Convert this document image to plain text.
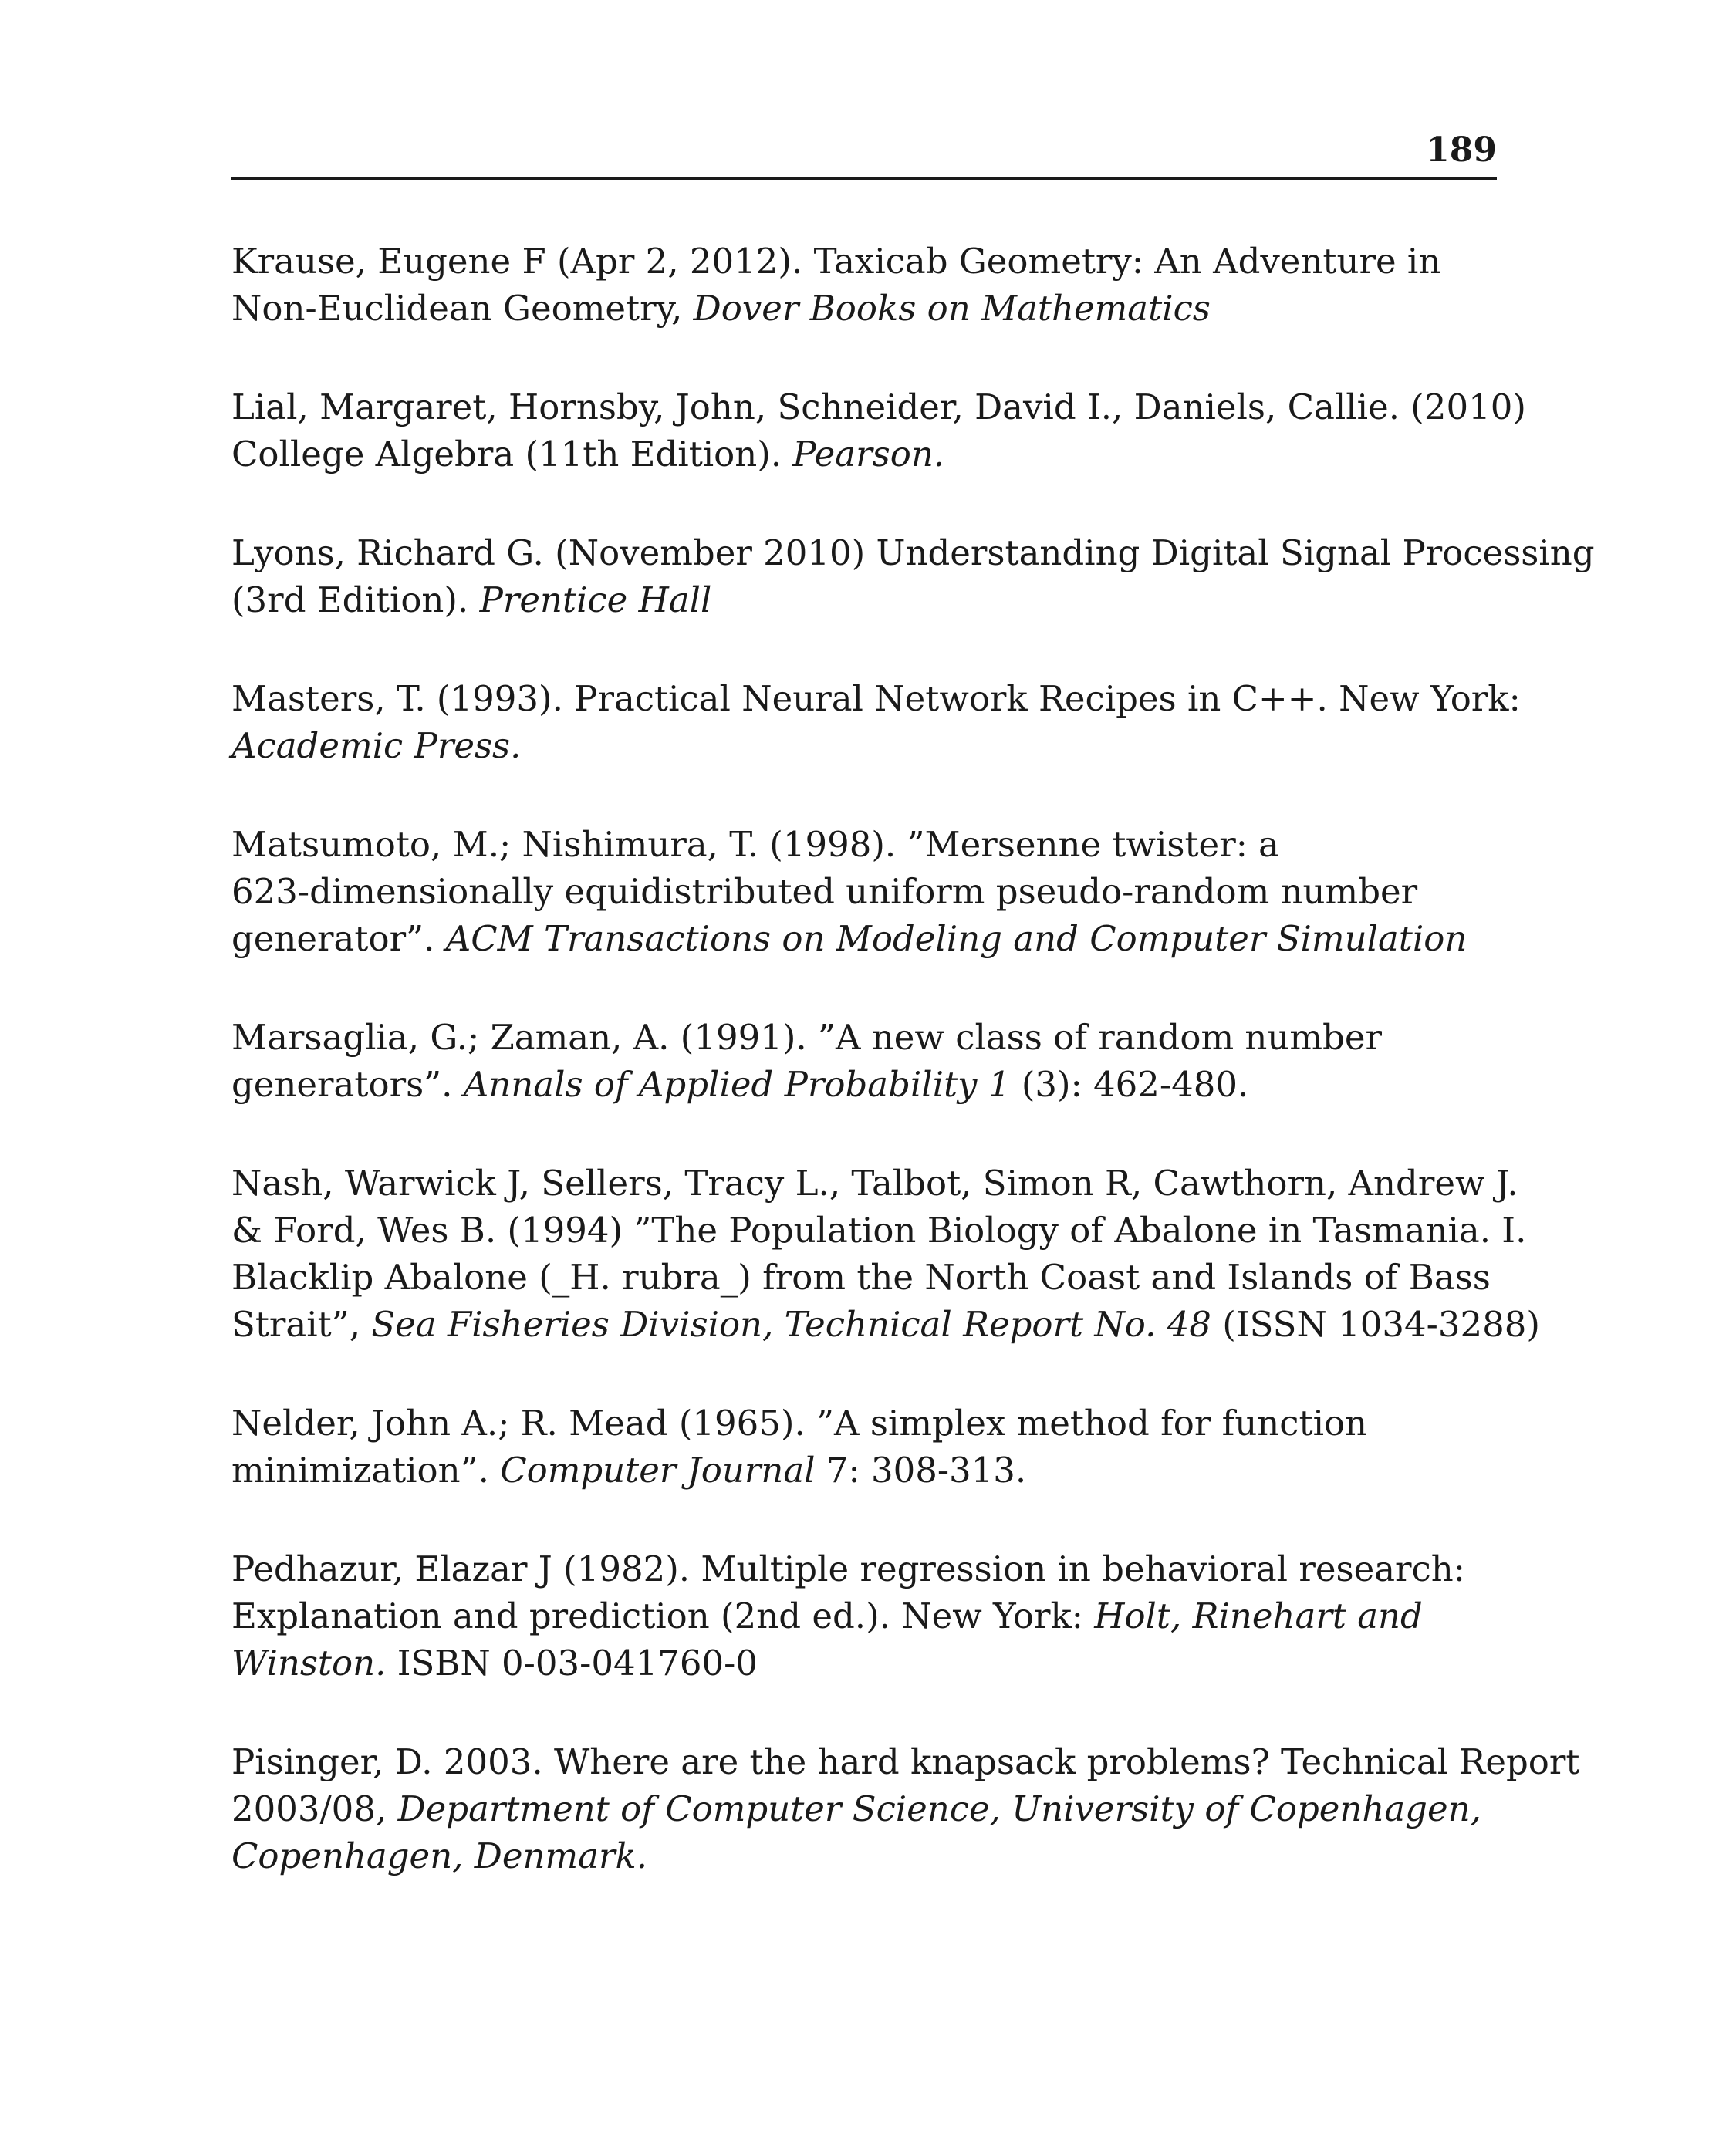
189

Krause, Eugene F (Apr 2, 2012). Taxicab Geometry: An Adventure in
Non-Euclidean Geometry, Dover Books on Mathematics

Lial, Margaret, Hornsby, John, Schneider, David I., Daniels, Callie. (2010)
College Algebra (11th Edition). Pearson.

Lyons, Richard G. (November 2010) Understanding Digital Signal Processing
(3rd Edition). Prentice Hall

Masters, T. (1993). Practical Neural Network Recipes in C++. New York:
Academic Press.

Matsumoto, M.; Nishimura, T. (1998). ”Mersenne twister: a
623-dimensionally equidistributed uniform pseudo-random number
generator”. ACM Transactions on Modeling and Computer Simulation

Marsaglia, G.; Zaman, A. (1991). ”A new class of random number
generators”. Annals of Applied Probability 1 (3): 462-480.

Nash, Warwick J, Sellers, Tracy L., Talbot, Simon R, Cawthorn, Andrew J.
& Ford, Wes B. (1994) ”The Population Biology of Abalone in Tasmania. I.
Blacklip Abalone (_H. rubra_) from the North Coast and Islands of Bass
Strait”, Sea Fisheries Division, Technical Report No. 48 (ISSN 1034-3288)

Nelder, John A.; R. Mead (1965). ”A simplex method for function
minimization”. Computer Journal 7: 308-313.

Pedhazur, Elazar J (1982). Multiple regression in behavioral research:
Explanation and prediction (2nd ed.). New York: Holt, Rinehart and
Winston. ISBN 0-03-041760-0

Pisinger, D. 2003. Where are the hard knapsack problems? Technical Report
2003/08, Department of Computer Science, University of Copenhagen,
Copenhagen, Denmark.
